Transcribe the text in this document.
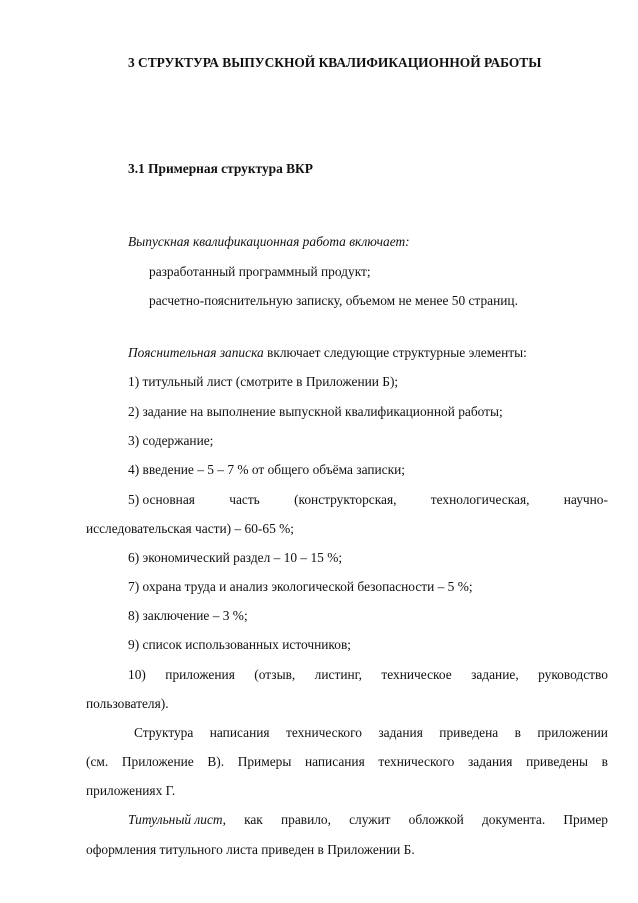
3 СТРУКТУРА ВЫПУСКНОЙ КВАЛИФИКАЦИОННОЙ РАБОТЫ
3.1 Примерная структура ВКР
Выпускная квалификационная работа включает:
разработанный программный продукт;
расчетно-пояснительную записку, объемом не менее 50 страниц.
Пояснительная записка включает следующие структурные элементы:
1) титульный лист (смотрите в Приложении Б);
2) задание на выполнение выпускной квалификационной работы;
3) содержание;
4) введение – 5 – 7 % от общего объёма записки;
5) основная	часть	(конструкторская,	технологическая,	научно-
исследовательская части) – 60-65 %;
6) экономический раздел – 10 – 15 %;
7) охрана труда и анализ экологической безопасности – 5 %;
8) заключение – 3 %;
9) список использованных источников;
10) приложения (отзыв, листинг, техническое задание, руководство
пользователя).
Структура написания технического задания приведена в приложении
(см. Приложение В). Примеры написания технического задания приведены в
приложениях Г.
Титульный лист, как правило, служит обложкой документа. Пример
оформления титульного листа приведен в Приложении Б.
